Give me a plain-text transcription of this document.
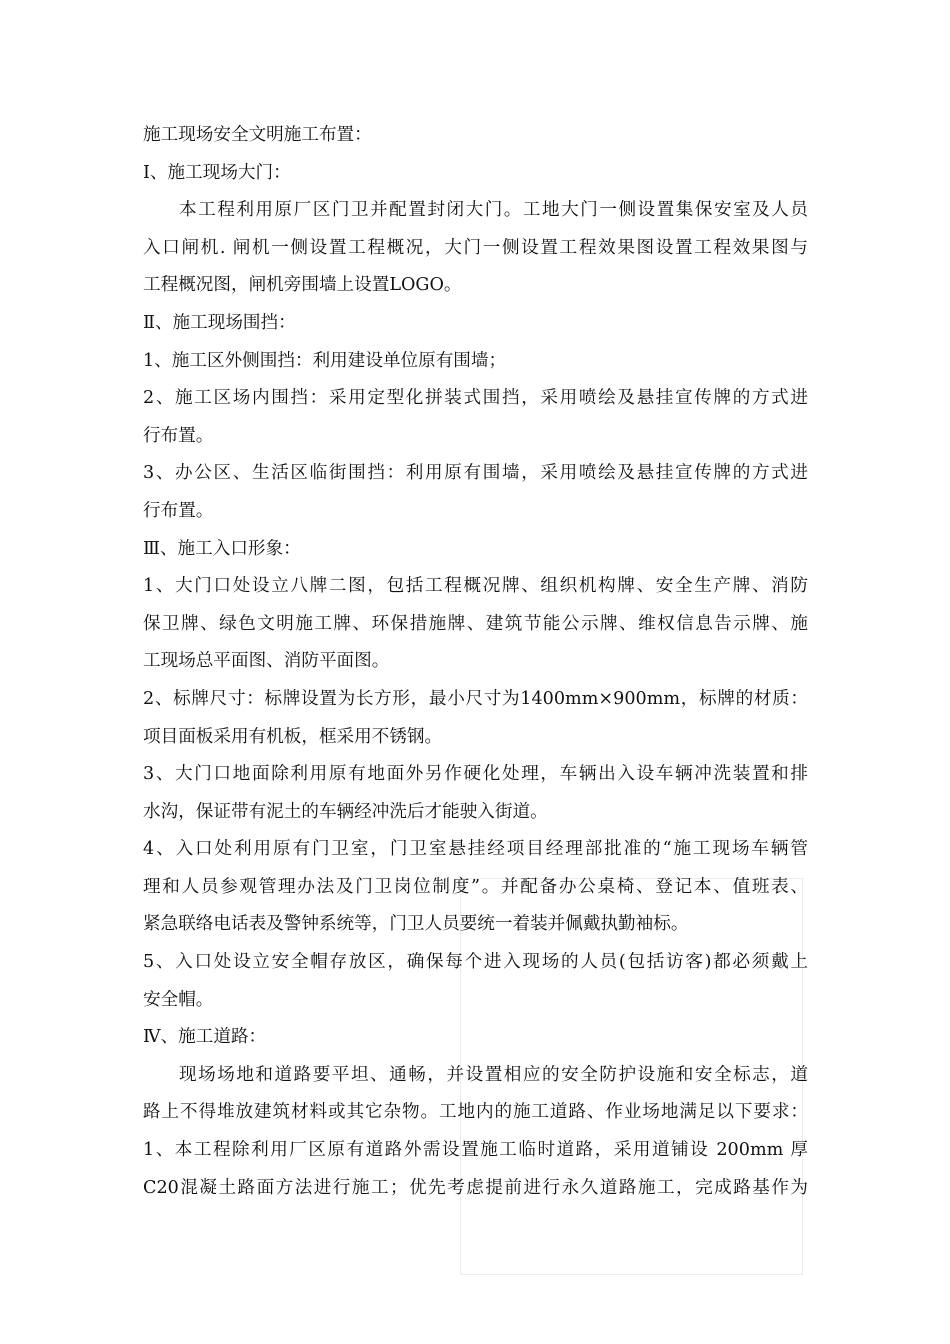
施工现场安全文明施工布置：
Ⅰ、施工现场大门：
本工程利用原厂区门卫并配置封闭大门。工地大门一侧设置集保安室及人员
入口闸机. 闸机一侧设置工程概况，大门一侧设置工程效果图设置工程效果图与
工程概况图，闸机旁围墙上设置LOGO。
Ⅱ、施工现场围挡：
1、施工区外侧围挡：利用建设单位原有围墙；
2、施工区场内围挡：采用定型化拼装式围挡，采用喷绘及悬挂宣传牌的方式进
行布置。
3、办公区、生活区临街围挡：利用原有围墙，采用喷绘及悬挂宣传牌的方式进
行布置。
Ⅲ、施工入口形象：
1、大门口处设立八牌二图，包括工程概况牌、组织机构牌、安全生产牌、消防
保卫牌、绿色文明施工牌、环保措施牌、建筑节能公示牌、维权信息告示牌、施
工现场总平面图、消防平面图。
2、标牌尺寸：标牌设置为长方形，最小尺寸为1400mm×900mm，标牌的材质：
项目面板采用有机板，框采用不锈钢。
3、大门口地面除利用原有地面外另作硬化处理，车辆出入设车辆冲洗装置和排
水沟，保证带有泥土的车辆经冲洗后才能驶入街道。
4、入口处利用原有门卫室，门卫室悬挂经项目经理部批准的“施工现场车辆管
理和人员参观管理办法及门卫岗位制度”。并配备办公桌椅、登记本、值班表、
紧急联络电话表及警钟系统等，门卫人员要统一着装并佩戴执勤袖标。
5、入口处设立安全帽存放区，确保每个进入现场的人员(包括访客)都必须戴上
安全帽。
Ⅳ、施工道路：
现场场地和道路要平坦、通畅，并设置相应的安全防护设施和安全标志，道
路上不得堆放建筑材料或其它杂物。工地内的施工道路、作业场地满足以下要求：
1、本工程除利用厂区原有道路外需设置施工临时道路，采用道铺设 200mm 厚
C20混凝土路面方法进行施工；优先考虑提前进行永久道路施工，完成路基作为
